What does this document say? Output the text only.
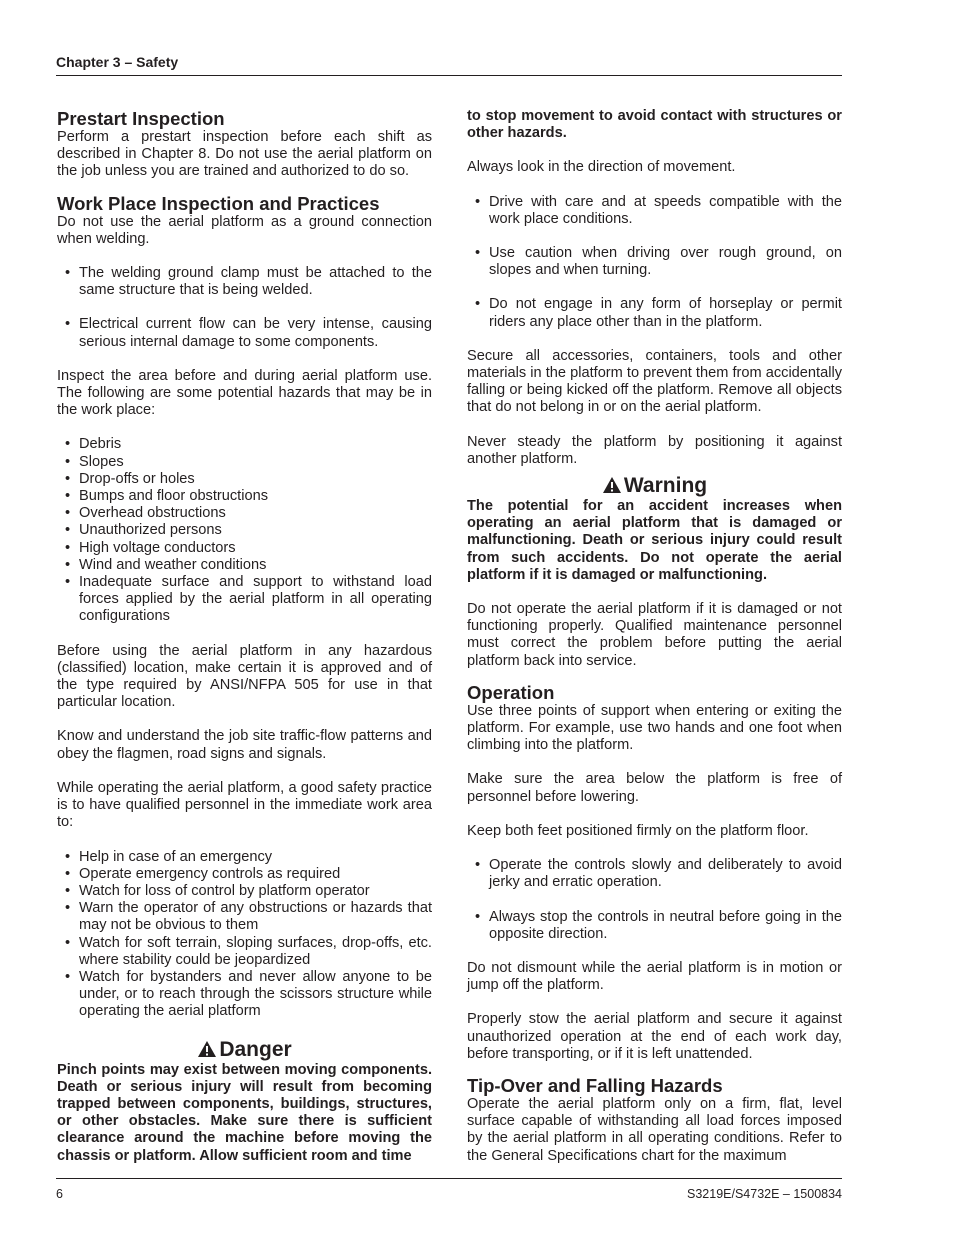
Chapter 3 – Safety
Prestart Inspection

Perform a prestart inspection before each shift as described in Chapter 8. Do not use the aerial platform on the job unless you are trained and authorized to do so.

Work Place Inspection and Practices

Do not use the aerial platform as a ground connection when welding.

• The welding ground clamp must be attached to the same structure that is being welded.
• Electrical current flow can be very intense, causing serious internal damage to some components.

Inspect the area before and during aerial platform use. The following are some potential hazards that may be in the work place:

• Debris
• Slopes
• Drop-offs or holes
• Bumps and floor obstructions
• Overhead obstructions
• Unauthorized persons
• High voltage conductors
• Wind and weather conditions
• Inadequate surface and support to withstand load forces applied by the aerial platform in all operating configurations

Before using the aerial platform in any hazardous (classified) location, make certain it is approved and of the type required by ANSI/NFPA 505 for use in that particular location.

Know and understand the job site traffic-flow patterns and obey the flagmen, road signs and signals.

While operating the aerial platform, a good safety practice is to have qualified personnel in the immediate work area to:

• Help in case of an emergency
• Operate emergency controls as required
• Watch for loss of control by platform operator
• Warn the operator of any obstructions or hazards that may not be obvious to them
• Watch for soft terrain, sloping surfaces, drop-offs, etc. where stability could be jeopardized
• Watch for bystanders and never allow anyone to be under, or to reach through the scissors structure while operating the aerial platform
Danger

Pinch points may exist between moving components. Death or serious injury will result from becoming trapped between components, buildings, structures, or other obstacles. Make sure there is sufficient clearance around the machine before moving the chassis or platform. Allow sufficient room and time

to stop movement to avoid contact with structures or other hazards.

Always look in the direction of movement.

• Drive with care and at speeds compatible with the work place conditions.
• Use caution when driving over rough ground, on slopes and when turning.
• Do not engage in any form of horseplay or permit riders any place other than in the platform.

Secure all accessories, containers, tools and other materials in the platform to prevent them from accidentally falling or being kicked off the platform. Remove all objects that do not belong in or on the aerial platform.

Never steady the platform by positioning it against another platform.

Warning

The potential for an accident increases when operating an aerial platform that is damaged or malfunctioning. Death or serious injury could result from such accidents. Do not operate the aerial platform if it is damaged or malfunctioning.

Do not operate the aerial platform if it is damaged or not functioning properly. Qualified maintenance personnel must correct the problem before putting the aerial platform back into service.

Operation

Use three points of support when entering or exiting the platform. For example, use two hands and one foot when climbing into the platform.

Make sure the area below the platform is free of personnel before lowering.

Keep both feet positioned firmly on the platform floor.

• Operate the controls slowly and deliberately to avoid jerky and erratic operation.
• Always stop the controls in neutral before going in the opposite direction.

Do not dismount while the aerial platform is in motion or jump off the platform.

Properly stow the aerial platform and secure it against unauthorized operation at the end of each work day, before transporting, or if it is left unattended.

Tip-Over and Falling Hazards

Operate the aerial platform only on a firm, flat, level surface capable of withstanding all load forces imposed by the aerial platform in all operating conditions. Refer to the General Specifications chart for the maximum

6	S3219E/S4732E – 1500834
